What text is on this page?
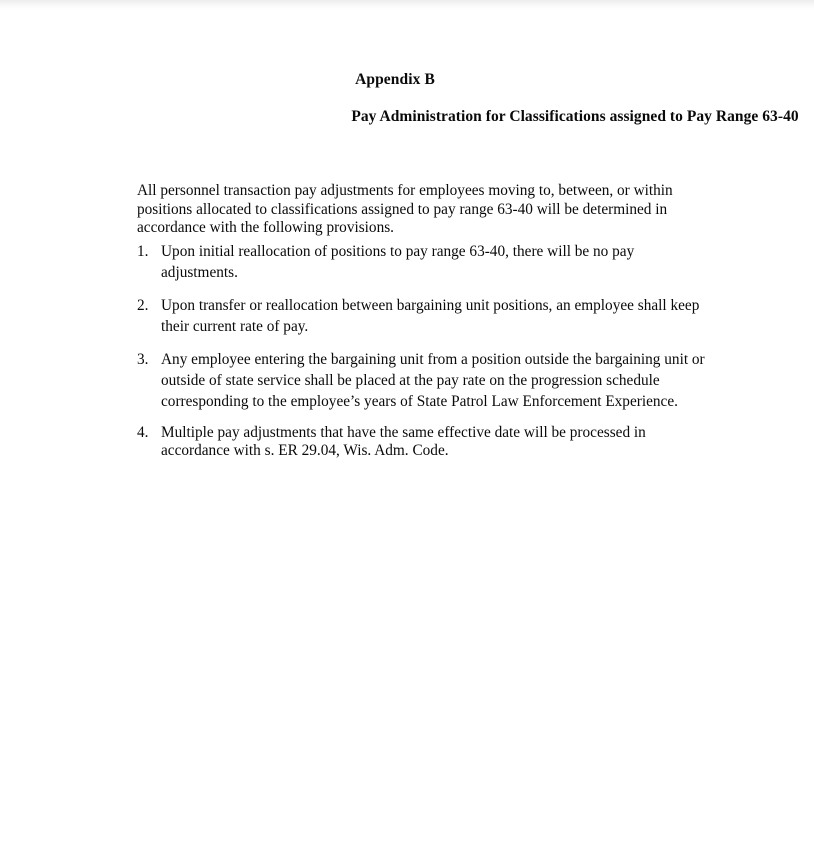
Appendix B
Pay Administration for Classifications assigned to Pay Range 63-40

All personnel transaction pay adjustments for employees moving to, between, or within positions allocated to classifications assigned to pay range 63-40 will be determined in accordance with the following provisions.

1. Upon initial reallocation of positions to pay range 63-40, there will be no pay adjustments.
2. Upon transfer or reallocation between bargaining unit positions, an employee shall keep their current rate of pay.
3. Any employee entering the bargaining unit from a position outside the bargaining unit or outside of state service shall be placed at the pay rate on the progression schedule corresponding to the employee’s years of State Patrol Law Enforcement Experience.
4. Multiple pay adjustments that have the same effective date will be processed in accordance with s. ER 29.04, Wis. Adm. Code.
